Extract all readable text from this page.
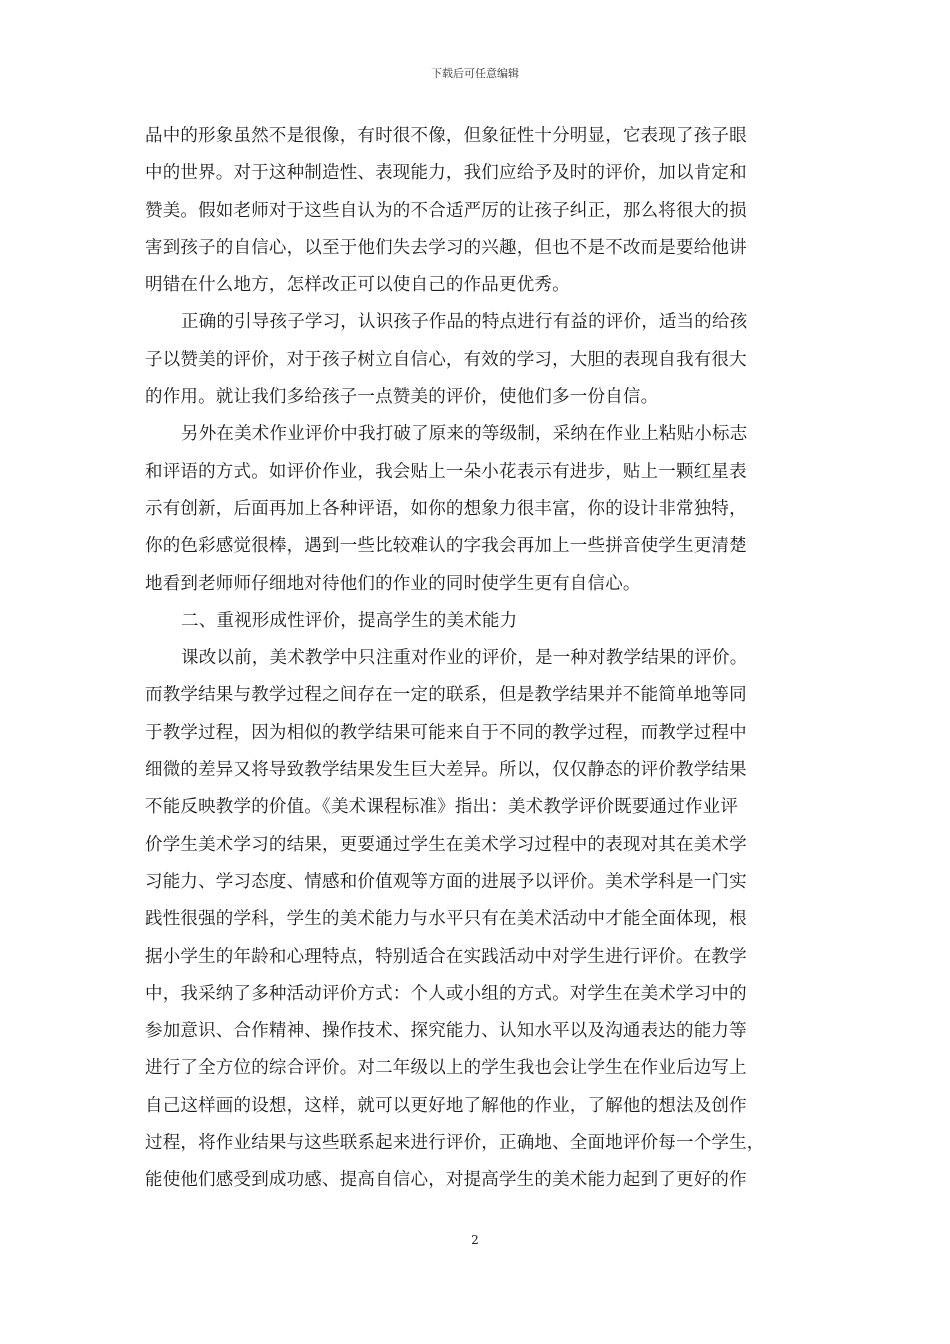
下载后可任意编辑
品中的形象虽然不是很像，有时很不像，但象征性十分明显，它表现了孩子眼
中的世界。对于这种制造性、表现能力，我们应给予及时的评价，加以肯定和
赞美。假如老师对于这些自认为的不合适严厉的让孩子纠正，那么将很大的损
害到孩子的自信心，以至于他们失去学习的兴趣，但也不是不改而是要给他讲
明错在什么地方，怎样改正可以使自己的作品更优秀。
正确的引导孩子学习，认识孩子作品的特点进行有益的评价，适当的给孩
子以赞美的评价，对于孩子树立自信心，有效的学习，大胆的表现自我有很大
的作用。就让我们多给孩子一点赞美的评价，使他们多一份自信。
另外在美术作业评价中我打破了原来的等级制，采纳在作业上粘贴小标志
和评语的方式。如评价作业，我会贴上一朵小花表示有进步，贴上一颗红星表
示有创新，后面再加上各种评语，如你的想象力很丰富，你的设计非常独特，
你的色彩感觉很棒，遇到一些比较难认的字我会再加上一些拼音使学生更清楚
地看到老师师仔细地对待他们的作业的同时使学生更有自信心。
二、重视形成性评价，提高学生的美术能力
课改以前，美术教学中只注重对作业的评价，是一种对教学结果的评价。
而教学结果与教学过程之间存在一定的联系，但是教学结果并不能简单地等同
于教学过程，因为相似的教学结果可能来自于不同的教学过程，而教学过程中
细微的差异又将导致教学结果发生巨大差异。所以，仅仅静态的评价教学结果
不能反映教学的价值。《美术课程标准》指出：美术教学评价既要通过作业评
价学生美术学习的结果，更要通过学生在美术学习过程中的表现对其在美术学
习能力、学习态度、情感和价值观等方面的进展予以评价。美术学科是一门实
践性很强的学科，学生的美术能力与水平只有在美术活动中才能全面体现，根
据小学生的年龄和心理特点，特别适合在实践活动中对学生进行评价。在教学
中，我采纳了多种活动评价方式：个人或小组的方式。对学生在美术学习中的
参加意识、合作精神、操作技术、探究能力、认知水平以及沟通表达的能力等
进行了全方位的综合评价。对二年级以上的学生我也会让学生在作业后边写上
自己这样画的设想，这样，就可以更好地了解他的作业，了解他的想法及创作
过程，将作业结果与这些联系起来进行评价，正确地、全面地评价每一个学生，
能使他们感受到成功感、提高自信心，对提高学生的美术能力起到了更好的作
2
